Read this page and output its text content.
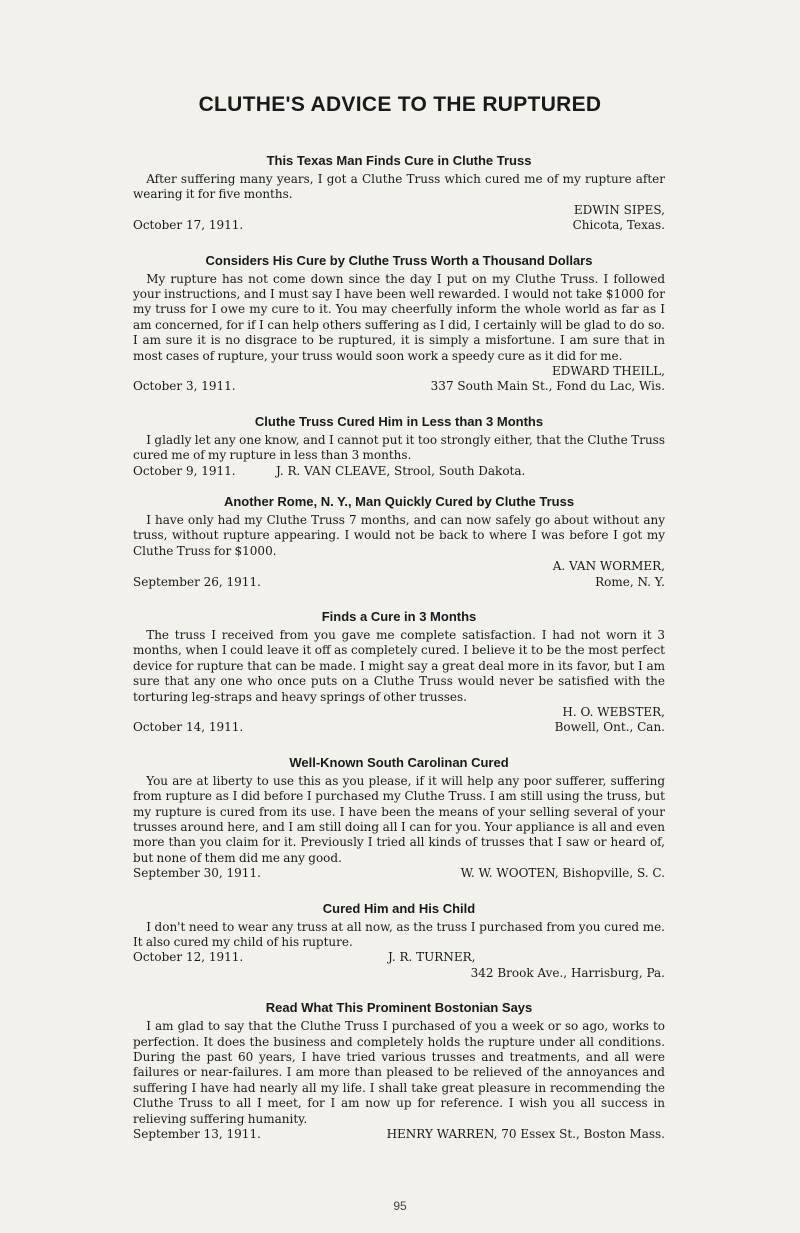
CLUTHE'S ADVICE TO THE RUPTURED
This Texas Man Finds Cure in Cluthe Truss
After suffering many years, I got a Cluthe Truss which cured me of my rupture after wearing it for five months.
EDWIN SIPES,
October 17, 1911.	Chicota, Texas.
Considers His Cure by Cluthe Truss Worth a Thousand Dollars
My rupture has not come down since the day I put on my Cluthe Truss. I followed your instructions, and I must say I have been well rewarded. I would not take $1000 for my truss for I owe my cure to it. You may cheerfully inform the whole world as far as I am concerned, for if I can help others suffering as I did, I certainly will be glad to do so. I am sure it is no disgrace to be ruptured, it is simply a misfortune. I am sure that in most cases of rupture, your truss would soon work a speedy cure as it did for me.
EDWARD THEILL,
October 3, 1911.	337 South Main St., Fond du Lac, Wis.
Cluthe Truss Cured Him in Less than 3 Months
I gladly let any one know, and I cannot put it too strongly either, that the Cluthe Truss cured me of my rupture in less than 3 months.
October 9, 1911.	J. R. VAN CLEAVE, Strool, South Dakota.
Another Rome, N. Y., Man Quickly Cured by Cluthe Truss
I have only had my Cluthe Truss 7 months, and can now safely go about without any truss, without rupture appearing. I would not be back to where I was before I got my Cluthe Truss for $1000.
A. VAN WORMER,
September 26, 1911.	Rome, N. Y.
Finds a Cure in 3 Months
The truss I received from you gave me complete satisfaction. I had not worn it 3 months, when I could leave it off as completely cured. I believe it to be the most perfect device for rupture that can be made. I might say a great deal more in its favor, but I am sure that any one who once puts on a Cluthe Truss would never be satisfied with the torturing leg-straps and heavy springs of other trusses.
H. O. WEBSTER,
October 14, 1911.	Bowell, Ont., Can.
Well-Known South Carolinan Cured
You are at liberty to use this as you please, if it will help any poor sufferer, suffering from rupture as I did before I purchased my Cluthe Truss. I am still using the truss, but my rupture is cured from its use. I have been the means of your selling several of your trusses around here, and I am still doing all I can for you. Your appliance is all and even more than you claim for it. Previously I tried all kinds of trusses that I saw or heard of, but none of them did me any good.
September 30, 1911.	W. W. WOOTEN, Bishopville, S. C.
Cured Him and His Child
I don't need to wear any truss at all now, as the truss I purchased from you cured me. It also cured my child of his rupture.
October 12, 1911.	J. R. TURNER,
342 Brook Ave., Harrisburg, Pa.
Read What This Prominent Bostonian Says
I am glad to say that the Cluthe Truss I purchased of you a week or so ago, works to perfection. It does the business and completely holds the rupture under all conditions. During the past 60 years, I have tried various trusses and treatments, and all were failures or near-failures. I am more than pleased to be relieved of the annoyances and suffering I have had nearly all my life. I shall take great pleasure in recommending the Cluthe Truss to all I meet, for I am now up for reference. I wish you all success in relieving suffering humanity.
September 13, 1911.	HENRY WARREN, 70 Essex St., Boston Mass.
95
